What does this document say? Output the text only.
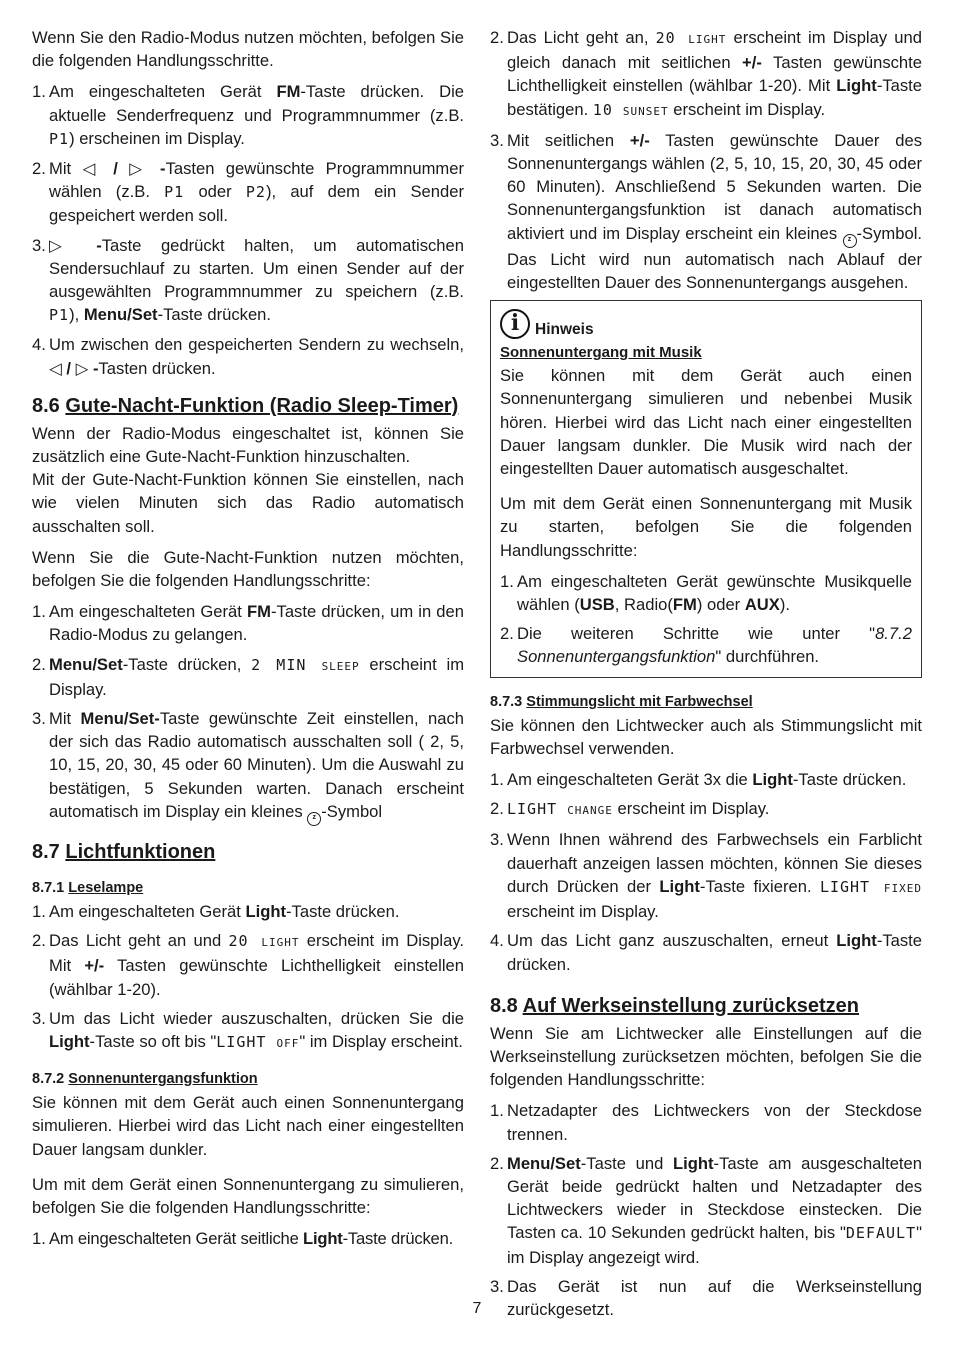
Wenn Sie den Radio-Modus nutzen möchten, befolgen Sie die folgenden Handlungsschritte.

1. Am eingeschalteten Gerät FM-Taste drücken. Die aktuelle Senderfrequenz und Programmnummer (z.B. P1) erscheinen im Display.
2. Mit ◁ / ▷ -Tasten gewünschte Programmnummer wählen (z.B. P1 oder P2), auf dem ein Sender gespeichert werden soll.
3. ▷ -Taste gedrückt halten, um automatischen Sendersuchlauf zu starten. Um einen Sender auf der ausgewählten Programmnummer zu speichern (z.B. P1), Menu/Set-Taste drücken.
4. Um zwischen den gespeicherten Sendern zu wechseln, ◁ / ▷ -Tasten drücken.
8.6 Gute-Nacht-Funktion (Radio Sleep-Timer)

Wenn der Radio-Modus eingeschaltet ist, können Sie zusätzlich eine Gute-Nacht-Funktion hinzuschalten.

Mit der Gute-Nacht-Funktion können Sie einstellen, nach wie vielen Minuten sich das Radio automatisch ausschalten soll.

Wenn Sie die Gute-Nacht-Funktion nutzen möchten, befolgen Sie die folgenden Handlungsschritte:

1. Am eingeschalteten Gerät FM-Taste drücken, um in den Radio-Modus zu gelangen.
2. Menu/Set-Taste drücken, 2 MIN SLEEP erscheint im Display.
3. Mit Menu/Set-Taste gewünschte Zeit einstellen, nach der sich das Radio automatisch ausschalten soll ( 2, 5, 10, 15, 20, 30, 45 oder 60 Minuten). Um die Auswahl zu bestätigen, 5 Sekunden warten. Danach erscheint automatisch im Display ein kleines z -Symbol
8.7 Lichtfunktionen
8.7.1 Leselampe
1. Am eingeschalteten Gerät Light-Taste drücken.
2. Das Licht geht an und 20 LIGHT erscheint im Display. Mit +/- Tasten gewünschte Lichthelligkeit einstellen (wählbar 1-20).
3. Um das Licht wieder auszuschalten, drücken Sie die Light-Taste so oft bis "LIGHT OFF" im Display erscheint.
8.7.2 Sonnenuntergangsfunktion

Sie können mit dem Gerät auch einen Sonnenuntergang simulieren. Hierbei wird das Licht nach einer eingestellten Dauer langsam dunkler.

Um mit dem Gerät einen Sonnenuntergang zu simulieren, befolgen Sie die folgenden Handlungsschritte:

1. Am eingeschalteten Gerät seitliche Light-Taste drücken.
2. Das Licht geht an, 20 LIGHT erscheint im Display und gleich danach mit seitlichen +/- Tasten gewünschte Lichthelligkeit einstellen (wählbar 1-20). Mit Light-Taste bestätigen. 10 SUNSET erscheint im Display.
3. Mit seitlichen +/- Tasten gewünschte Dauer des Sonnenuntergangs wählen (2, 5, 10, 15, 20, 30, 45 oder 60 Minuten). Anschließend 5 Sekunden warten. Die Sonnenuntergangsfunktion ist danach automatisch aktiviert und im Display erscheint ein kleines z -Symbol. Das Licht wird nun automatisch nach Ablauf der eingestellten Dauer des Sonnenuntergangs ausgehen.
i	Hinweis
Sonnenuntergang mit Musik

Sie können mit dem Gerät auch einen Sonnenuntergang simulieren und nebenbei Musik hören. Hierbei wird das Licht nach einer eingestellten Dauer langsam dunkler. Die Musik wird nach der eingestellten Dauer automatisch ausgeschaltet.

Um mit dem Gerät einen Sonnenuntergang mit Musik zu starten, befolgen Sie die folgenden Handlungsschritte:

1. Am eingeschalteten Gerät gewünschte Musikquelle wählen (USB, Radio(FM) oder AUX).
2. Die weiteren Schritte wie unter "8.7.2 Sonnenuntergangsfunktion" durchführen.
8.7.3 Stimmungslicht mit Farbwechsel

Sie können den Lichtwecker auch als Stimmungslicht mit Farbwechsel verwenden.

1. Am eingeschalteten Gerät 3x die Light-Taste drücken.
2. LIGHT CHANGE erscheint im Display.
3. Wenn Ihnen während des Farbwechsels ein Farblicht dauerhaft anzeigen lassen möchten, können Sie dieses durch Drücken der Light-Taste fixieren. LIGHT FIXED erscheint im Display.
4. Um das Licht ganz auszuschalten, erneut Light-Taste drücken.
8.8 Auf Werkseinstellung zurücksetzen

Wenn Sie am Lichtwecker alle Einstellungen auf die Werkseinstellung zurücksetzen möchten, befolgen Sie die folgenden Handlungsschritte:

1. Netzadapter des Lichtweckers von der Steckdose trennen.
2. Menu/Set-Taste und Light-Taste am ausgeschalteten Gerät beide gedrückt halten und Netzadapter des Lichtweckers wieder in Steckdose einstecken. Die Tasten ca. 10 Sekunden gedrückt halten, bis "DEFAULT" im Display angezeigt wird.
3. Das Gerät ist nun auf die Werkseinstellung zurückgesetzt.
7
